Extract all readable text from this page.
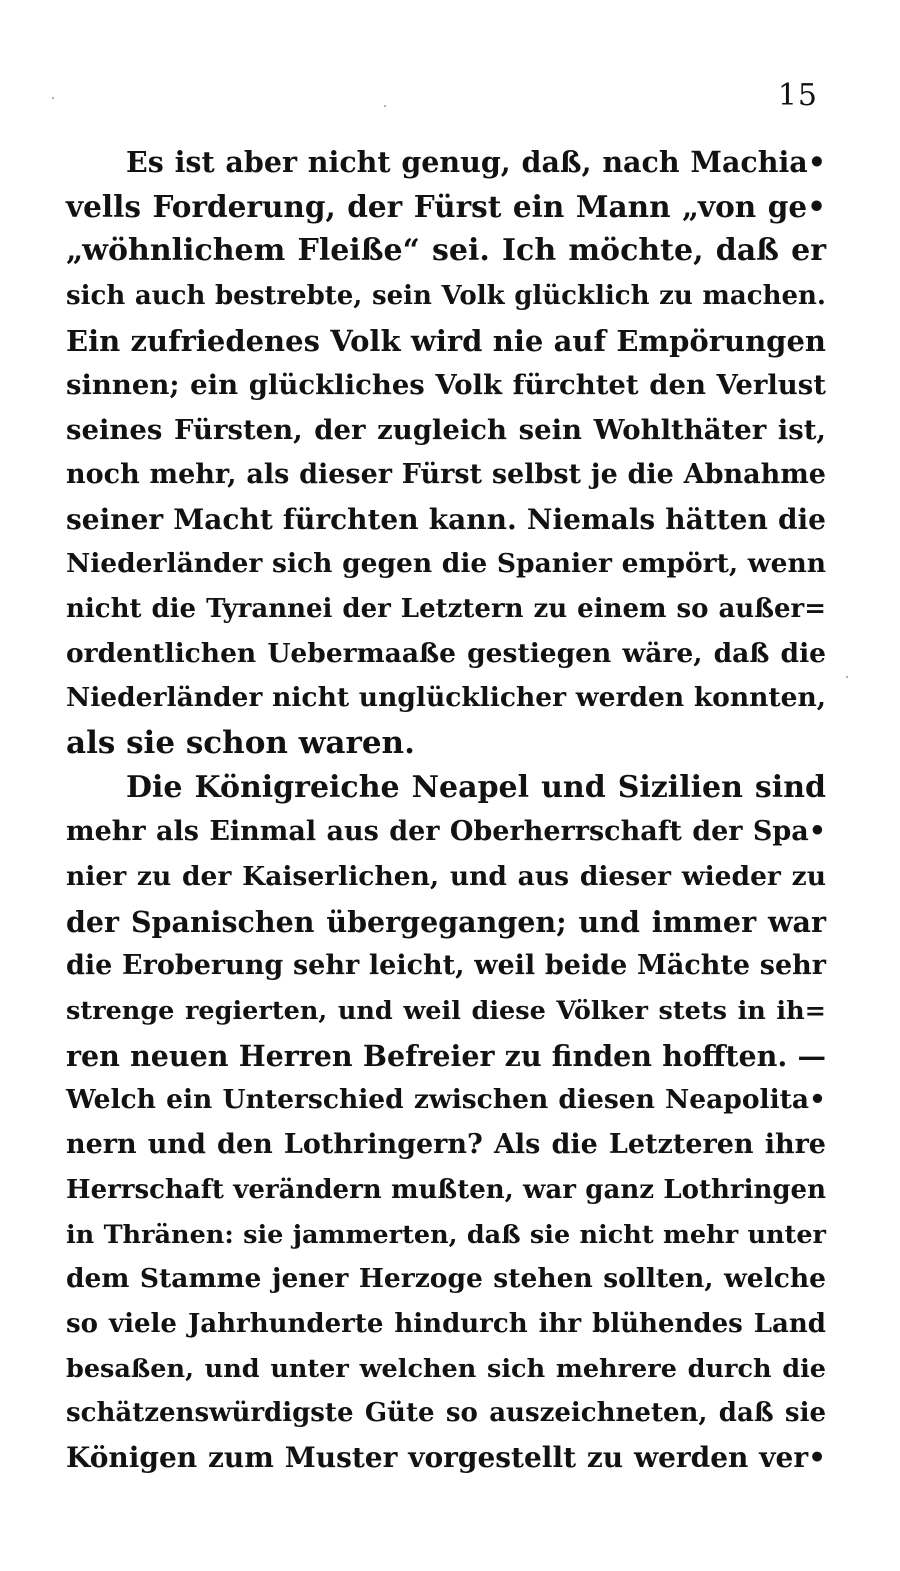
15
Es ist aber nicht genug, daß, nach Machia•
vells Forderung, der Fürst ein Mann „von ge•
„wöhnlichem Fleiße“ sei. Ich möchte, daß er
sich auch bestrebte, sein Volk glücklich zu machen.
Ein zufriedenes Volk wird nie auf Empörungen
sinnen; ein glückliches Volk fürchtet den Verlust
seines Fürsten, der zugleich sein Wohlthäter ist,
noch mehr, als dieser Fürst selbst je die Abnahme
seiner Macht fürchten kann. Niemals hätten die
Niederländer sich gegen die Spanier empört, wenn
nicht die Tyrannei der Letztern zu einem so außer=
ordentlichen Uebermaaße gestiegen wäre, daß die
Niederländer nicht unglücklicher werden konnten,
als sie schon waren.
Die Königreiche Neapel und Sizilien sind
mehr als Einmal aus der Oberherrschaft der Spa•
nier zu der Kaiserlichen, und aus dieser wieder zu
der Spanischen übergegangen; und immer war
die Eroberung sehr leicht, weil beide Mächte sehr
strenge regierten, und weil diese Völker stets in ih=
ren neuen Herren Befreier zu finden hofften. —
Welch ein Unterschied zwischen diesen Neapolita•
nern und den Lothringern? Als die Letzteren ihre
Herrschaft verändern mußten, war ganz Lothringen
in Thränen: sie jammerten, daß sie nicht mehr unter
dem Stamme jener Herzoge stehen sollten, welche
so viele Jahrhunderte hindurch ihr blühendes Land
besaßen, und unter welchen sich mehrere durch die
schätzenswürdigste Güte so auszeichneten, daß sie
Königen zum Muster vorgestellt zu werden ver•
